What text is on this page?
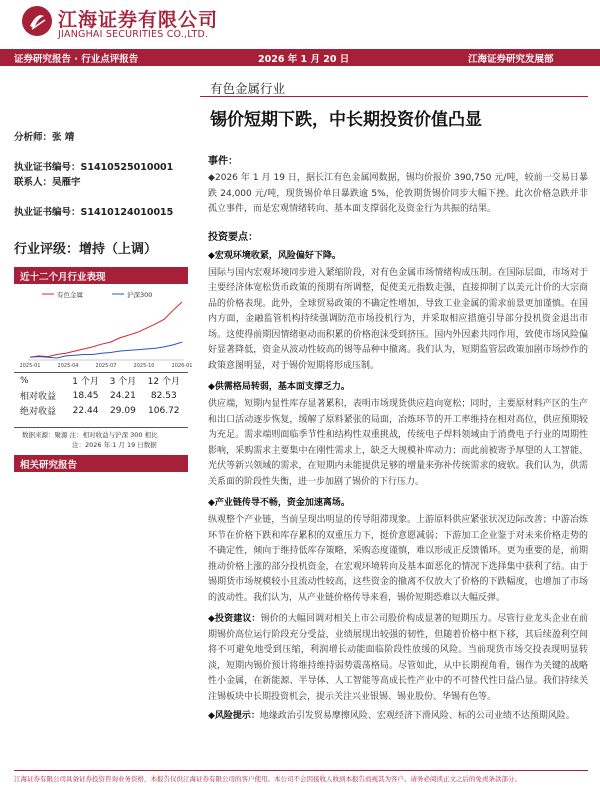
江海证券有限公司
JIANGHAI SECURITIES CO.,LTD.
证券研究报告 · 行业点评报告	2026 年 1 月 20 日	江海证券研究发展部
有色金属行业
锡价短期下跌，中长期投资价值凸显
分析师：张 靖
执业证书编号：S1410525010001
联系人：吴雁宇
执业证书编号：S1410124010015
行业评级：增持（上调）
近十二个月行业表现
有色金属	沪深300
2025-01	2025-04	2025-07	2025-10	2026-01
%	1 个月	3 个月	12 个月
相对收益	18.45	24.21	82.53
绝对收益	22.44	29.09	106.72
数据来源：聚源 注：相对收益与沪深 300 相比
注：2026 年 1 月 19 日数据
相关研究报告
事件：
◆2026 年 1 月 19 日，据长江有色金属网数据，锡均价报价 390,750 元/吨，较前一交易日暴跌 24,000 元/吨，现货锡价单日暴跌逾 5%，伦敦期货锡价同步大幅下挫。此次价格急跌并非孤立事件，而是宏观情绪转向、基本面支撑弱化及资金行为共振的结果。
投资要点：
◆宏观环境收紧，风险偏好下降。
国际与国内宏观环境同步进入紧缩阶段，对有色金属市场情绪构成压制。在国际层面，市场对于主要经济体宽松货币政策的预期有所调整，促使美元指数走强，直接抑制了以美元计价的大宗商品的价格表现。此外，全球贸易政策的不确定性增加，导致工业金属的需求前景更加谨慎。在国内方面，金融监管机构持续强调防范市场投机行为，并采取相应措施引导部分投机资金退出市场。这使得前期因情绪驱动而积累的价格泡沫受到挤压。国内外因素共同作用，致使市场风险偏好显著降低，资金从波动性较高的锡等品种中撤离。我们认为，短期监管层政策加剧市场炒作的政策意图明显，对于锡价短期将形成压制。
◆供需格局转弱，基本面支撑乏力。
供应端，短期内显性库存显著累积，表明市场现货供应趋向宽松；同时，主要原材料产区的生产和出口活动逐步恢复，缓解了原料紧张的局面，冶炼环节的开工率维持在相对高位，供应预期较为充足。需求端则面临季节性和结构性双重挑战，传统电子焊料领域由于消费电子行业的周期性影响，采购需求主要集中在刚性需求上，缺乏大规模补库动力；而此前被寄予厚望的人工智能、光伏等新兴领域的需求，在短期内未能提供足够的增量来弥补传统需求的疲软。我们认为，供需关系面的阶段性失衡，进一步加剧了锡价的下行压力。
◆产业链传导不畅，资金加速离场。
纵观整个产业链，当前呈现出明显的传导阻滞现象。上游原料供应紧张状况边际改善；中游冶炼环节在价格下跌和库存累积的双重压力下，挺价意愿减弱；下游加工企业鉴于对未来价格走势的不确定性，倾向于维持低库存策略，采购态度谨慎，难以形成正反馈循环。更为重要的是，前期推动价格上涨的部分投机资金，在宏观环境转向及基本面恶化的情况下选择集中获利了结。由于锡期货市场规模较小且流动性较高，这些资金的撤离不仅放大了价格的下跌幅度，也增加了市场的波动性。我们认为，从产业链价格传导来看，锡价短期恐难以大幅反弹。
◆投资建议：锡价的大幅回调对相关上市公司股价构成显著的短期压力。尽管行业龙头企业在前期锡价高位运行阶段充分受益，业绩展现出较强的韧性，但随着价格中枢下移，其后续盈利空间将不可避免地受到压缩，利润增长动能面临阶段性放缓的风险。当前现货市场交投表现明显转淡，短期内锡价预计将维持维持弱势震荡格局。尽管如此，从中长期视角看，锡作为关键的战略性小金属，在新能源、半导体、人工智能等高成长性产业中的不可替代性日益凸显。我们持续关注锡板块中长期投资机会，提示关注兴业银锡、锡业股份、华锡有色等。
◆风险提示：地缘政治引发贸易摩擦风险、宏观经济下滑风险、标的公司业绩不达预期风险。
江海证券有限公司具备证券投资咨询业务资格，本报告仅供江海证券有限公司的客户使用。本公司不会因接收人收到本报告而视其为客户。请务必阅读正文之后的免责条款部分。
